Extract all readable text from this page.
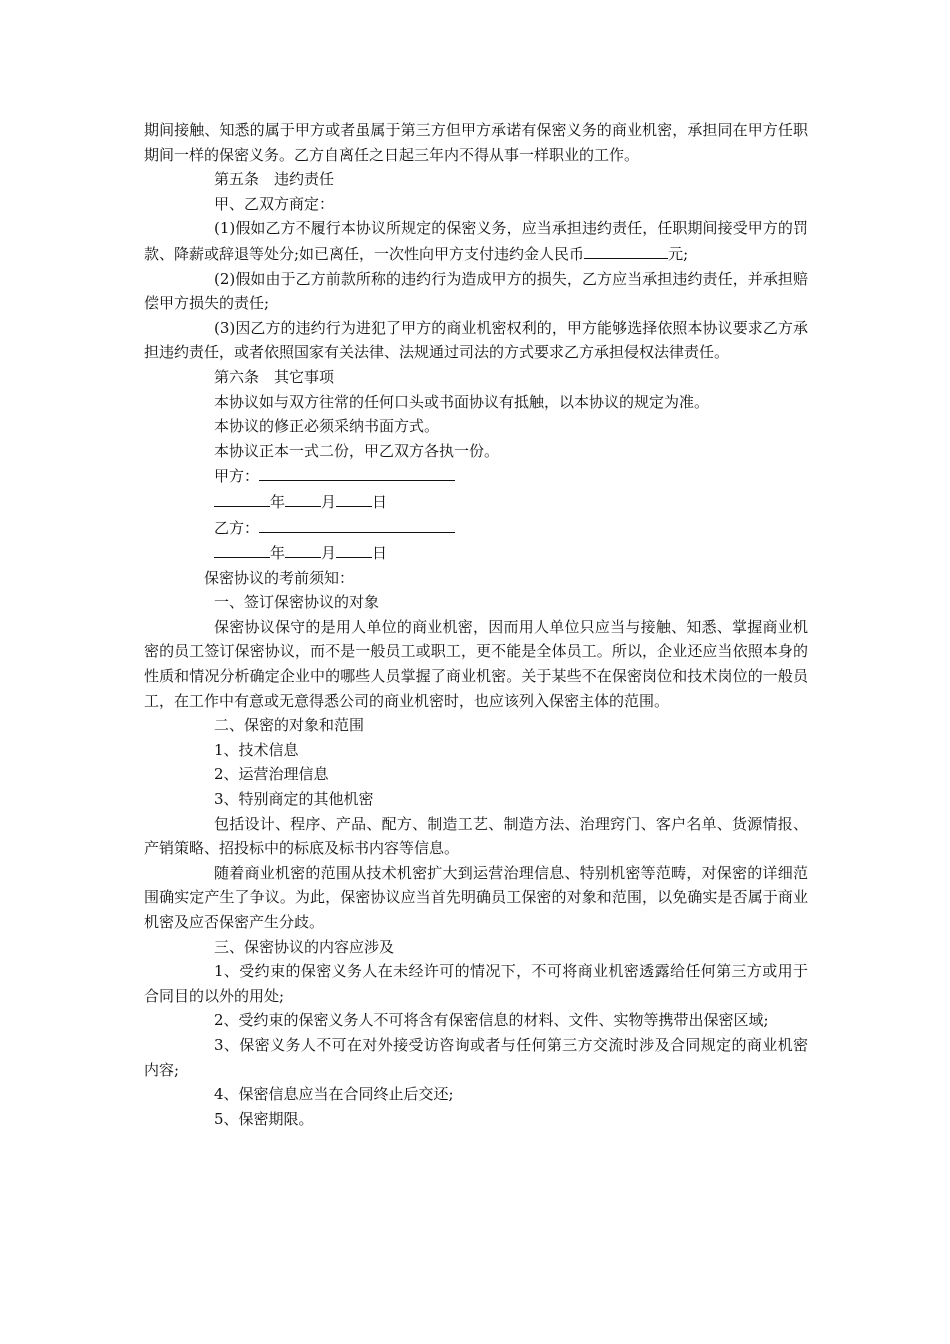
期间接触、知悉的属于甲方或者虽属于第三方但甲方承诺有保密义务的商业机密，承担同在甲方任职期间一样的保密义务。乙方自离任之日起三年内不得从事一样职业的工作。

第五条　违约责任

甲、乙双方商定：

(1)假如乙方不履行本协议所规定的保密义务，应当承担违约责任，任职期间接受甲方的罚款、降薪或辞退等处分;如已离任，一次性向甲方支付违约金人民币	元;

(2)假如由于乙方前款所称的违约行为造成甲方的损失，乙方应当承担违约责任，并承担赔偿甲方损失的责任;

(3)因乙方的违约行为进犯了甲方的商业机密权利的，甲方能够选择依照本协议要求乙方承担违约责任，或者依照国家有关法律、法规通过司法的方式要求乙方承担侵权法律责任。

第六条　其它事项

本协议如与双方往常的任何口头或书面协议有抵触，以本协议的规定为准。

本协议的修正必须采纳书面方式。

本协议正本一式二份，甲乙双方各执一份。

甲方：

年 月 日

乙方：

年 月 日

保密协议的考前须知：

一、签订保密协议的对象

保密协议保守的是用人单位的商业机密，因而用人单位只应当与接触、知悉、掌握商业机密的员工签订保密协议，而不是一般员工或职工，更不能是全体员工。所以，企业还应当依照本身的性质和情况分析确定企业中的哪些人员掌握了商业机密。关于某些不在保密岗位和技术岗位的一般员工，在工作中有意或无意得悉公司的商业机密时，也应该列入保密主体的范围。

二、保密的对象和范围

1、技术信息

2、运营治理信息

3、特别商定的其他机密

包括设计、程序、产品、配方、制造工艺、制造方法、治理窍门、客户名单、货源情报、产销策略、招投标中的标底及标书内容等信息。

随着商业机密的范围从技术机密扩大到运营治理信息、特别机密等范畴，对保密的详细范围确实定产生了争议。为此，保密协议应当首先明确员工保密的对象和范围，以免确实是否属于商业机密及应否保密产生分歧。

三、保密协议的内容应涉及

1、受约束的保密义务人在未经许可的情况下，不可将商业机密透露给任何第三方或用于合同目的以外的用处;

2、受约束的保密义务人不可将含有保密信息的材料、文件、实物等携带出保密区域;

3、保密义务人不可在对外接受访咨询或者与任何第三方交流时涉及合同规定的商业机密内容;

4、保密信息应当在合同终止后交还;

5、保密期限。
